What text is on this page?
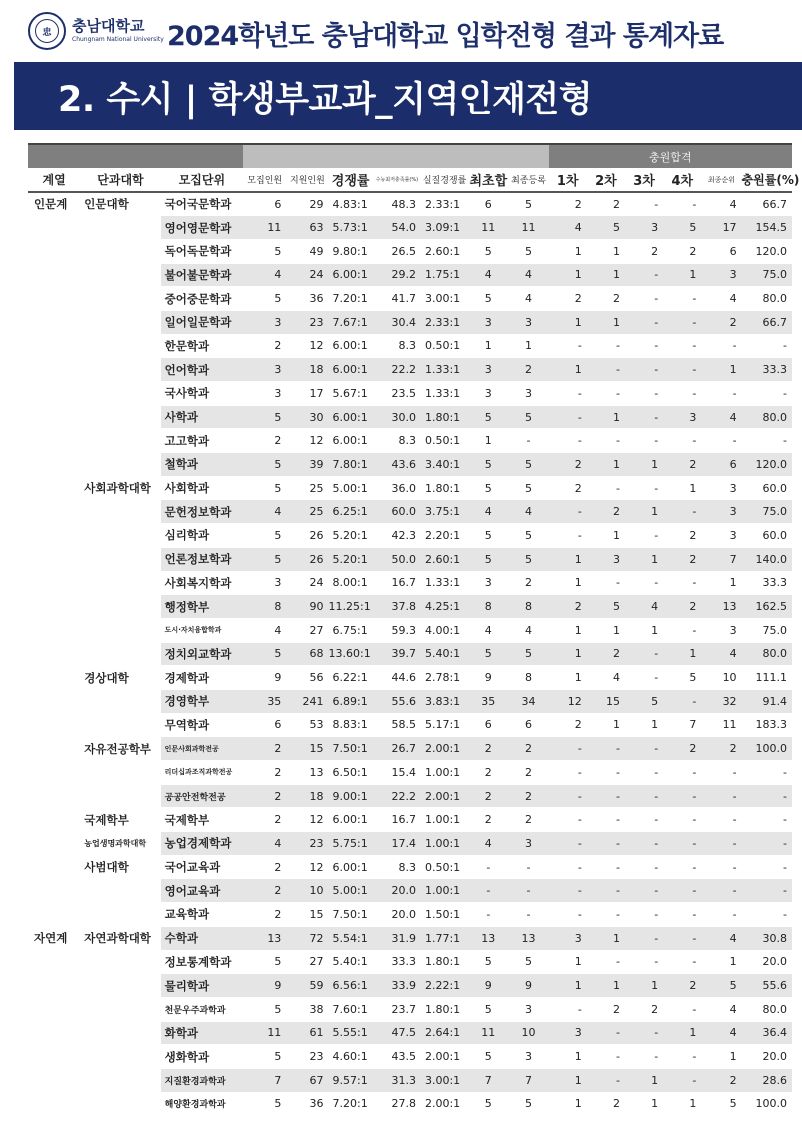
忠	충남대학교
Chungnam National University 2024학년도 충남대학교 입학전형 결과 통계자료
2. 수시 | 학생부교과_지역인재전형
										충원합격					
계열	단과대학	모집단위	모집인원	지원인원	경쟁률	수능최저충족률(%)	실질경쟁률	최초합	최종등록	1차	2차	3차	4차	최종순위	충원률(%)
인문계	인문대학	국어국문학과	6	29	4.83:1	48.3	2.33:1	6	5	2	2	-	-	4	66.7
		영어영문학과	11	63	5.73:1	54.0	3.09:1	11	11	4	5	3	5	17	154.5
		독어독문학과	5	49	9.80:1	26.5	2.60:1	5	5	1	1	2	2	6	120.0
		불어불문학과	4	24	6.00:1	29.2	1.75:1	4	4	1	1	-	1	3	75.0
		중어중문학과	5	36	7.20:1	41.7	3.00:1	5	4	2	2	-	-	4	80.0
		일어일문학과	3	23	7.67:1	30.4	2.33:1	3	3	1	1	-	-	2	66.7
		한문학과	2	12	6.00:1	8.3	0.50:1	1	1	-	-	-	-	-	-
		언어학과	3	18	6.00:1	22.2	1.33:1	3	2	1	-	-	-	1	33.3
		국사학과	3	17	5.67:1	23.5	1.33:1	3	3	-	-	-	-	-	-
		사학과	5	30	6.00:1	30.0	1.80:1	5	5	-	1	-	3	4	80.0
		고고학과	2	12	6.00:1	8.3	0.50:1	1	-	-	-	-	-	-	-
		철학과	5	39	7.80:1	43.6	3.40:1	5	5	2	1	1	2	6	120.0
	사회과학대학	사회학과	5	25	5.00:1	36.0	1.80:1	5	5	2	-	-	1	3	60.0
		문헌정보학과	4	25	6.25:1	60.0	3.75:1	4	4	-	2	1	-	3	75.0
		심리학과	5	26	5.20:1	42.3	2.20:1	5	5	-	1	-	2	3	60.0
		언론정보학과	5	26	5.20:1	50.0	2.60:1	5	5	1	3	1	2	7	140.0
		사회복지학과	3	24	8.00:1	16.7	1.33:1	3	2	1	-	-	-	1	33.3
		행정학부	8	90	11.25:1	37.8	4.25:1	8	8	2	5	4	2	13	162.5
		도시·자치융합학과	4	27	6.75:1	59.3	4.00:1	4	4	1	1	1	-	3	75.0
		정치외교학과	5	68	13.60:1	39.7	5.40:1	5	5	1	2	-	1	4	80.0
	경상대학	경제학과	9	56	6.22:1	44.6	2.78:1	9	8	1	4	-	5	10	111.1
		경영학부	35	241	6.89:1	55.6	3.83:1	35	34	12	15	5	-	32	91.4
		무역학과	6	53	8.83:1	58.5	5.17:1	6	6	2	1	1	7	11	183.3
	자유전공학부	인문사회과학전공	2	15	7.50:1	26.7	2.00:1	2	2	-	-	-	2	2	100.0
		리더십과조직과학전공	2	13	6.50:1	15.4	1.00:1	2	2	-	-	-	-	-	-
		공공안전학전공	2	18	9.00:1	22.2	2.00:1	2	2	-	-	-	-	-	-
	국제학부	국제학부	2	12	6.00:1	16.7	1.00:1	2	2	-	-	-	-	-	-
	농업생명과학대학	농업경제학과	4	23	5.75:1	17.4	1.00:1	4	3	-	-	-	-	-	-
	사범대학	국어교육과	2	12	6.00:1	8.3	0.50:1	-	-	-	-	-	-	-	-
		영어교육과	2	10	5.00:1	20.0	1.00:1	-	-	-	-	-	-	-	-
		교육학과	2	15	7.50:1	20.0	1.50:1	-	-	-	-	-	-	-	-
자연계	자연과학대학	수학과	13	72	5.54:1	31.9	1.77:1	13	13	3	1	-	-	4	30.8
		정보통계학과	5	27	5.40:1	33.3	1.80:1	5	5	1	-	-	-	1	20.0
		물리학과	9	59	6.56:1	33.9	2.22:1	9	9	1	1	1	2	5	55.6
		천문우주과학과	5	38	7.60:1	23.7	1.80:1	5	3	-	2	2	-	4	80.0
		화학과	11	61	5.55:1	47.5	2.64:1	11	10	3	-	-	1	4	36.4
		생화학과	5	23	4.60:1	43.5	2.00:1	5	3	1	-	-	-	1	20.0
		지질환경과학과	7	67	9.57:1	31.3	3.00:1	7	7	1	-	1	-	2	28.6
		해양환경과학과	5	36	7.20:1	27.8	2.00:1	5	5	1	2	1	1	5	100.0
